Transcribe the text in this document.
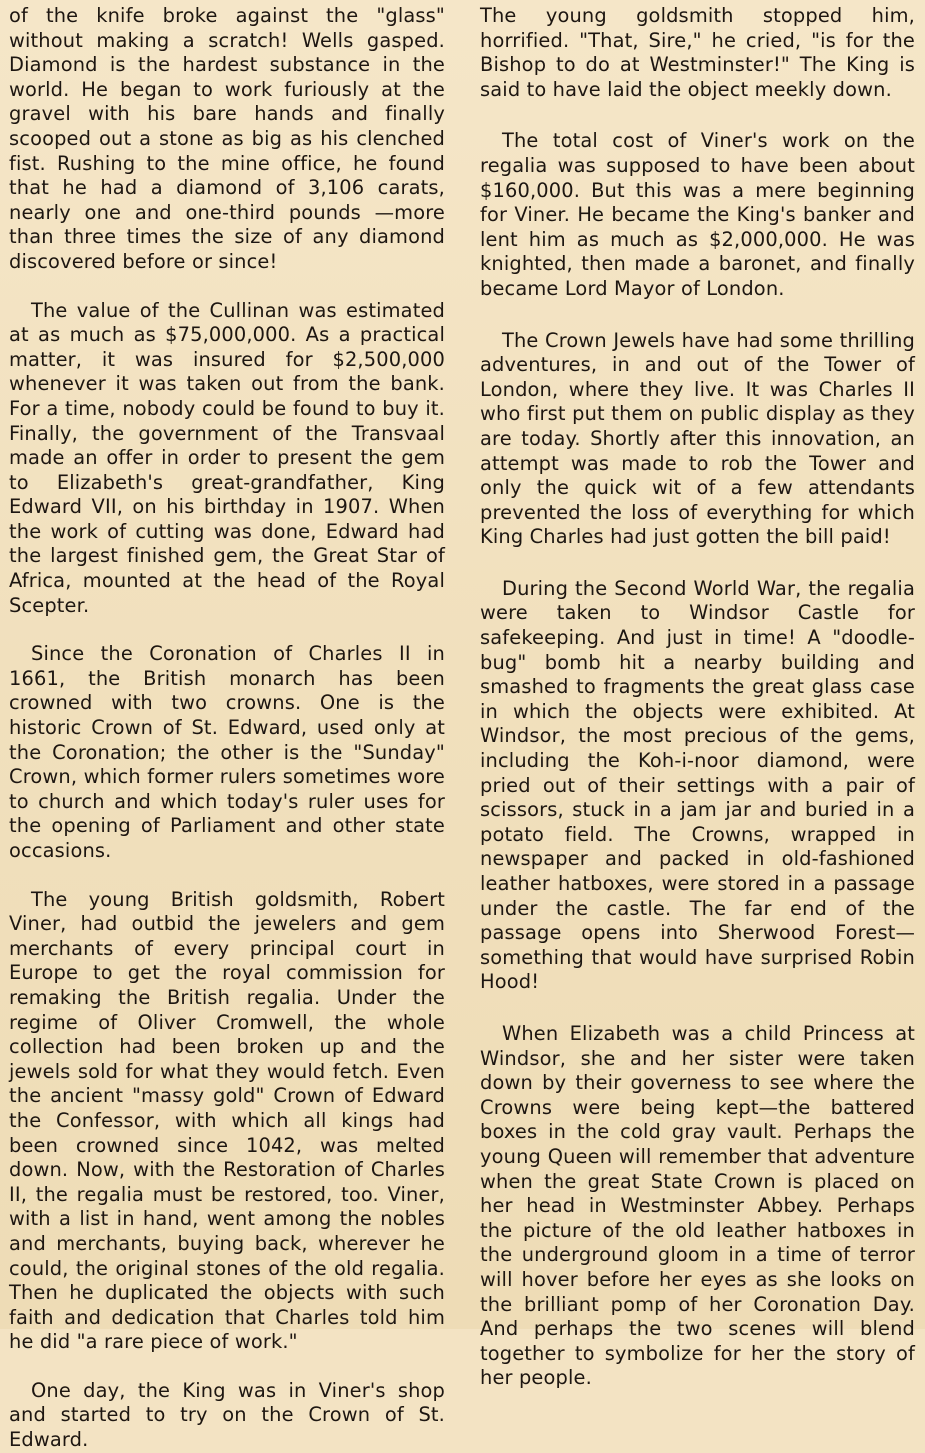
of the knife broke against the "glass" without making a scratch! Wells gasped. Diamond is the hardest substance in the world. He began to work furiously at the gravel with his bare hands and finally scooped out a stone as big as his clenched fist. Rushing to the mine office, he found that he had a diamond of 3,106 carats, nearly one and one-third pounds —more than three times the size of any diamond discovered before or since!

The value of the Cullinan was estimated at as much as $75,000,000. As a practical matter, it was insured for $2,500,000 whenever it was taken out from the bank. For a time, nobody could be found to buy it. Finally, the government of the Transvaal made an offer in order to present the gem to Elizabeth's great-grandfather, King Edward VII, on his birthday in 1907. When the work of cutting was done, Edward had the largest finished gem, the Great Star of Africa, mounted at the head of the Royal Scepter.

Since the Coronation of Charles II in 1661, the British monarch has been crowned with two crowns. One is the historic Crown of St. Edward, used only at the Coronation; the other is the "Sunday" Crown, which former rulers sometimes wore to church and which today's ruler uses for the opening of Parliament and other state occasions.

The young British goldsmith, Robert Viner, had outbid the jewelers and gem merchants of every principal court in Europe to get the royal commission for remaking the British regalia. Under the regime of Oliver Cromwell, the whole collection had been broken up and the jewels sold for what they would fetch. Even the ancient "massy gold" Crown of Edward the Confessor, with which all kings had been crowned since 1042, was melted down. Now, with the Restoration of Charles II, the regalia must be restored, too. Viner, with a list in hand, went among the nobles and merchants, buying back, wherever he could, the original stones of the old regalia. Then he duplicated the objects with such faith and dedication that Charles told him he did "a rare piece of work."

One day, the King was in Viner's shop and started to try on the Crown of St. Edward.

The young goldsmith stopped him, horrified. "That, Sire," he cried, "is for the Bishop to do at Westminster!" The King is said to have laid the object meekly down.

The total cost of Viner's work on the regalia was supposed to have been about $160,000. But this was a mere beginning for Viner. He became the King's banker and lent him as much as $2,000,000. He was knighted, then made a baronet, and finally became Lord Mayor of London.

The Crown Jewels have had some thrilling adventures, in and out of the Tower of London, where they live. It was Charles II who first put them on public display as they are today. Shortly after this innovation, an attempt was made to rob the Tower and only the quick wit of a few attendants prevented the loss of everything for which King Charles had just gotten the bill paid!

During the Second World War, the regalia were taken to Windsor Castle for safekeeping. And just in time! A "doodle-bug" bomb hit a nearby building and smashed to fragments the great glass case in which the objects were exhibited. At Windsor, the most precious of the gems, including the Koh-i-noor diamond, were pried out of their settings with a pair of scissors, stuck in a jam jar and buried in a potato field. The Crowns, wrapped in newspaper and packed in old-fashioned leather hatboxes, were stored in a passage under the castle. The far end of the passage opens into Sherwood Forest—something that would have surprised Robin Hood!

When Elizabeth was a child Princess at Windsor, she and her sister were taken down by their governess to see where the Crowns were being kept—the battered boxes in the cold gray vault. Perhaps the young Queen will remember that adventure when the great State Crown is placed on her head in Westminster Abbey. Perhaps the picture of the old leather hatboxes in the underground gloom in a time of terror will hover before her eyes as she looks on the brilliant pomp of her Coronation Day. And perhaps the two scenes will blend together to symbolize for her the story of her people.
